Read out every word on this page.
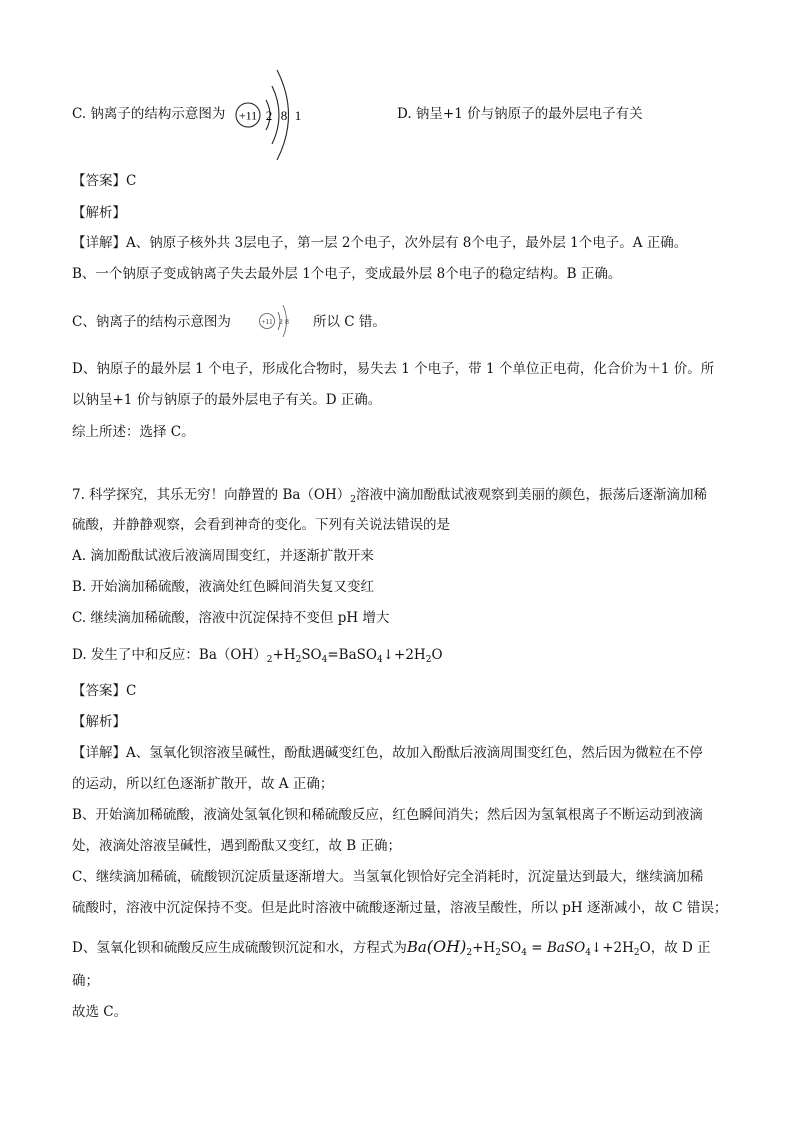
C. 钠离子的结构示意图为 +11 2 8 1	D. 钠呈+1 价与钠原子的最外层电子有关
【答案】C
【解析】
【详解】A、钠原子核外共 3层电子，第一层 2个电子，次外层有 8个电子，最外层 1个电子。A 正确。
B、一个钠原子变成钠离子失去最外层 1个电子，变成最外层 8个电子的稳定结构。B 正确。
C、钠离子的结构示意图为	+11 2 8 所以 C 错。
D、钠原子的最外层 1 个电子，形成化合物时，易失去 1 个电子，带 1 个单位正电荷，化合价为＋1 价。所
以钠呈+1 价与钠原子的最外层电子有关。D 正确。
综上所述：选择 C。
7. 科学探究，其乐无穷！向静置的 $Ba(OH)_2$溶液中滴加酚酞试液观察到美丽的颜色，振荡后逐渐滴加稀
硫酸，并静静观察，会看到神奇的变化。下列有关说法错误的是
A. 滴加酚酞试液后液滴周围变红，并逐渐扩散开来
B. 开始滴加稀硫酸，液滴处红色瞬间消失复又变红
C. 继续滴加稀硫酸，溶液中沉淀保持不变但 pH 增大
D. 发生了中和反应：$Ba(OH)_2+H_2SO_4=BaSO_4↓+2H_2O$
【答案】C
【解析】
【详解】A、氢氧化钡溶液呈碱性，酚酞遇碱变红色，故加入酚酞后液滴周围变红色，然后因为微粒在不停
的运动，所以红色逐渐扩散开，故 A 正确；
B、开始滴加稀硫酸，液滴处氢氧化钡和稀硫酸反应，红色瞬间消失；然后因为氢氧根离子不断运动到液滴
处，液滴处溶液呈碱性，遇到酚酞又变红，故 B 正确；
C、继续滴加稀硫，硫酸钡沉淀质量逐渐增大。当氢氧化钡恰好完全消耗时，沉淀量达到最大，继续滴加稀
硫酸时，溶液中沉淀保持不变。但是此时溶液中硫酸逐渐过量，溶液呈酸性，所以 pH 逐渐减小，故 C 错误；
D、氢氧化钡和硫酸反应生成硫酸钡沉淀和水，方程式为$Ba(OH)_2+H_2SO_4$ = $BaSO_4↓+2H_2O$，故 D 正
确；
故选 C。
